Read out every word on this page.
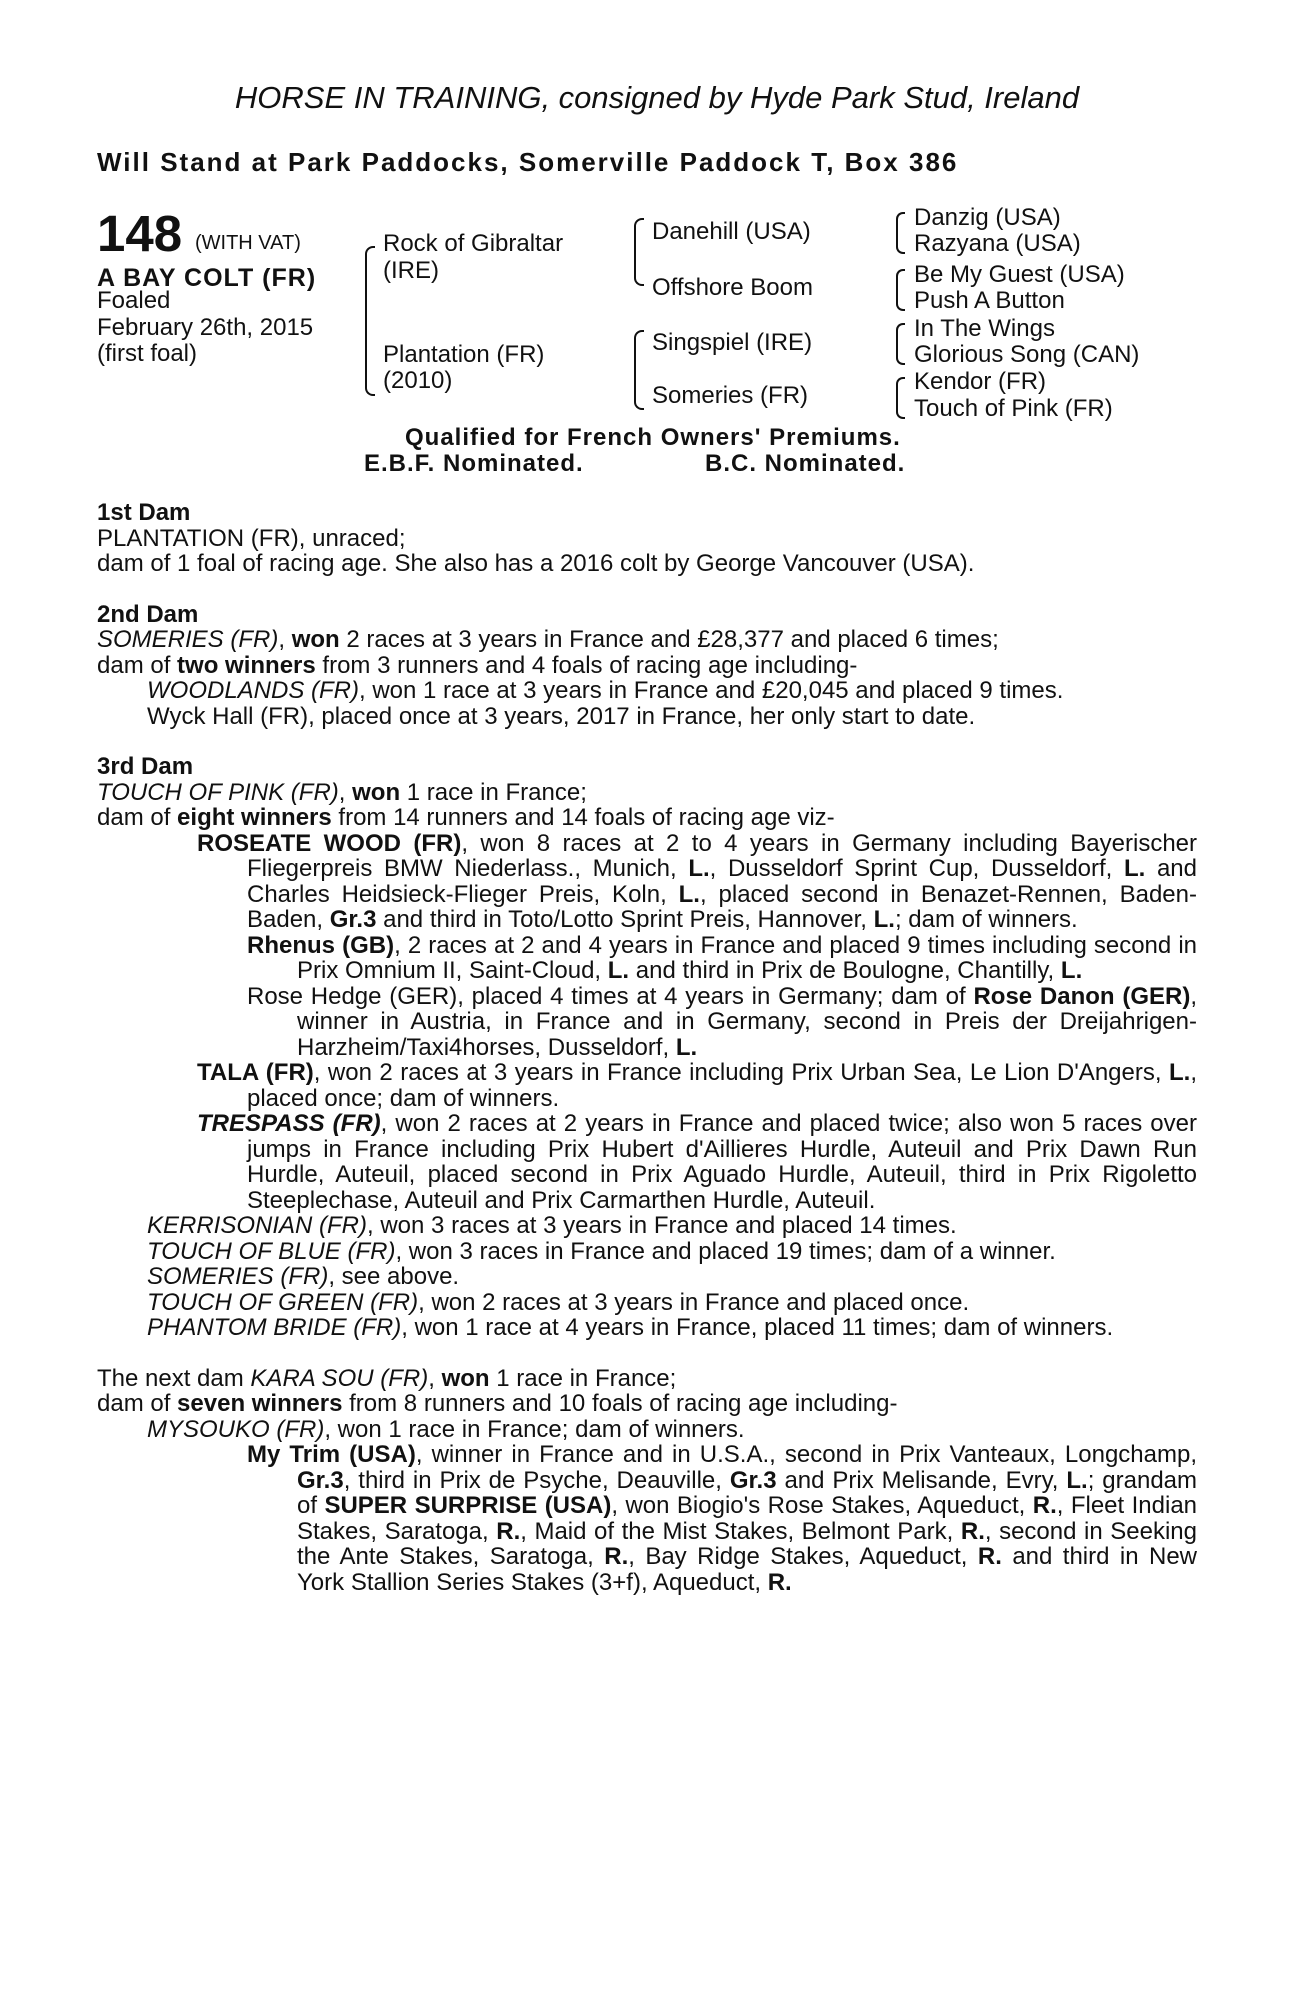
HORSE IN TRAINING, consigned by Hyde Park Stud, Ireland
Will Stand at Park Paddocks, Somerville Paddock T, Box 386
148 (WITH VAT)
A BAY COLT (FR)
Foaled
February 26th, 2015
(first foal)
Rock of Gibraltar
(IRE)
Plantation (FR)
(2010)
Danehill (USA)
Offshore Boom
Singspiel (IRE)
Someries (FR)
Danzig (USA)
Razyana (USA)
Be My Guest (USA)
Push A Button
In The Wings
Glorious Song (CAN)
Kendor (FR)
Touch of Pink (FR)
Qualified for French Owners' Premiums.
E.B.F. Nominated.	B.C. Nominated.

1st Dam

PLANTATION (FR), unraced;

dam of 1 foal of racing age. She also has a 2016 colt by George Vancouver (USA).

2nd Dam

SOMERIES (FR), won 2 races at 3 years in France and £28,377 and placed 6 times;

dam of two winners from 3 runners and 4 foals of racing age including-

WOODLANDS (FR), won 1 race at 3 years in France and £20,045 and placed 9 times.

Wyck Hall (FR), placed once at 3 years, 2017 in France, her only start to date.

3rd Dam

TOUCH OF PINK (FR), won 1 race in France;

dam of eight winners from 14 runners and 14 foals of racing age viz-

ROSEATE WOOD (FR), won 8 races at 2 to 4 years in Germany including Bayerischer Fliegerpreis BMW Niederlass., Munich, L., Dusseldorf Sprint Cup, Dusseldorf, L. and Charles Heidsieck-Flieger Preis, Koln, L., placed second in Benazet-Rennen, Baden-Baden, Gr.3 and third in Toto/Lotto Sprint Preis, Hannover, L.; dam of winners.

Rhenus (GB), 2 races at 2 and 4 years in France and placed 9 times including second in Prix Omnium II, Saint-Cloud, L. and third in Prix de Boulogne, Chantilly, L.

Rose Hedge (GER), placed 4 times at 4 years in Germany; dam of Rose Danon (GER), winner in Austria, in France and in Germany, second in Preis der Dreijahrigen-Harzheim/Taxi4horses, Dusseldorf, L.

TALA (FR), won 2 races at 3 years in France including Prix Urban Sea, Le Lion D'Angers, L., placed once; dam of winners.

TRESPASS (FR), won 2 races at 2 years in France and placed twice; also won 5 races over jumps in France including Prix Hubert d'Aillieres Hurdle, Auteuil and Prix Dawn Run Hurdle, Auteuil, placed second in Prix Aguado Hurdle, Auteuil, third in Prix Rigoletto Steeplechase, Auteuil and Prix Carmarthen Hurdle, Auteuil.

KERRISONIAN (FR), won 3 races at 3 years in France and placed 14 times.

TOUCH OF BLUE (FR), won 3 races in France and placed 19 times; dam of a winner.

SOMERIES (FR), see above.

TOUCH OF GREEN (FR), won 2 races at 3 years in France and placed once.

PHANTOM BRIDE (FR), won 1 race at 4 years in France, placed 11 times; dam of winners.

The next dam KARA SOU (FR), won 1 race in France;

dam of seven winners from 8 runners and 10 foals of racing age including-

MYSOUKO (FR), won 1 race in France; dam of winners.

My Trim (USA), winner in France and in U.S.A., second in Prix Vanteaux, Longchamp, Gr.3, third in Prix de Psyche, Deauville, Gr.3 and Prix Melisande, Evry, L.; grandam of SUPER SURPRISE (USA), won Biogio's Rose Stakes, Aqueduct, R., Fleet Indian Stakes, Saratoga, R., Maid of the Mist Stakes, Belmont Park, R., second in Seeking the Ante Stakes, Saratoga, R., Bay Ridge Stakes, Aqueduct, R. and third in New York Stallion Series Stakes (3+f), Aqueduct, R.
